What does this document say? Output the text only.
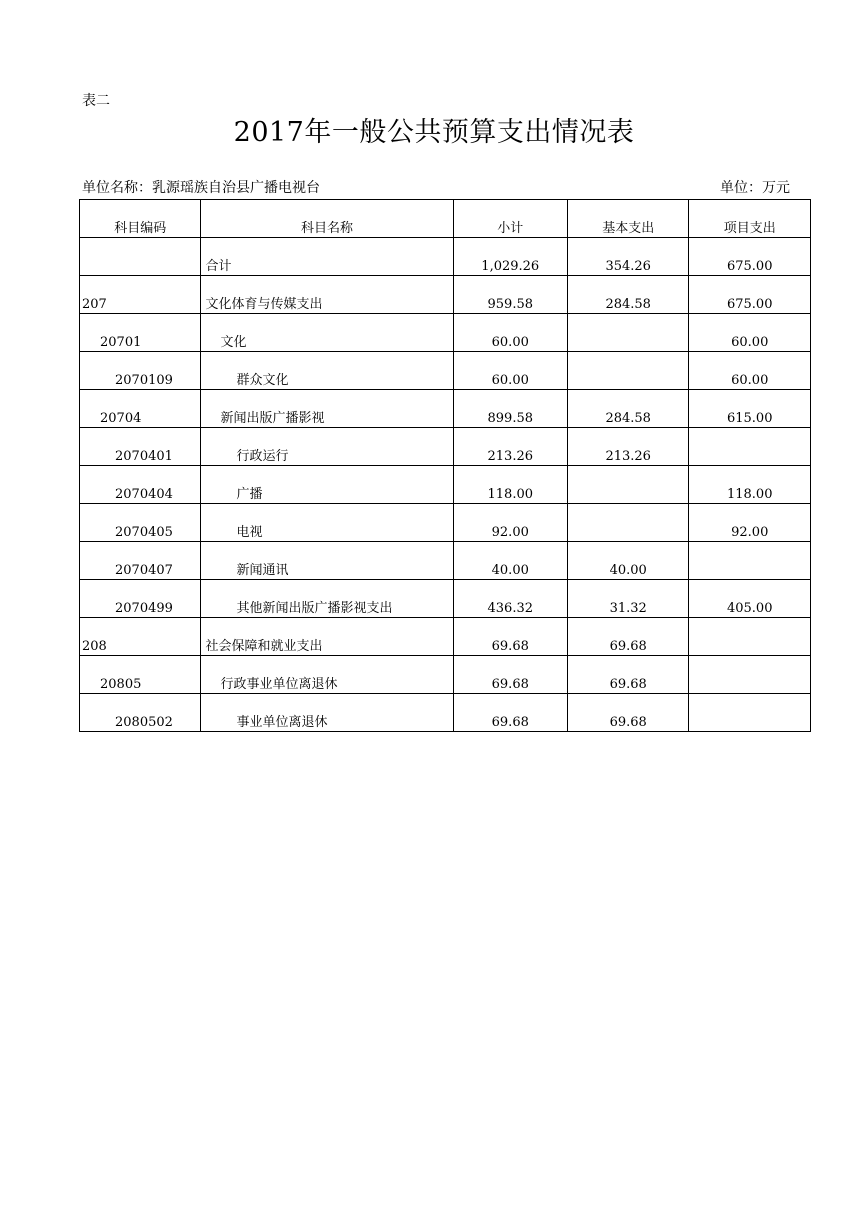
表二
2017年一般公共预算支出情况表
单位名称：乳源瑶族自治县广播电视台	单位：万元
科目编码	科目名称	小计	基本支出	项目支出

	合计	1,029.26	354.26	675.00

207	文化体育与传媒支出	959.58	284.58	675.00

20701	文化	60.00		60.00

2070109	群众文化	60.00		60.00

20704	新闻出版广播影视	899.58	284.58	615.00

2070401	行政运行	213.26	213.26	

2070404	广播	118.00		118.00

2070405	电视	92.00		92.00

2070407	新闻通讯	40.00	40.00	

2070499	其他新闻出版广播影视支出	436.32	31.32	405.00

208	社会保障和就业支出	69.68	69.68	

20805	行政事业单位离退休	69.68	69.68	

2080502	事业单位离退休	69.68	69.68	
